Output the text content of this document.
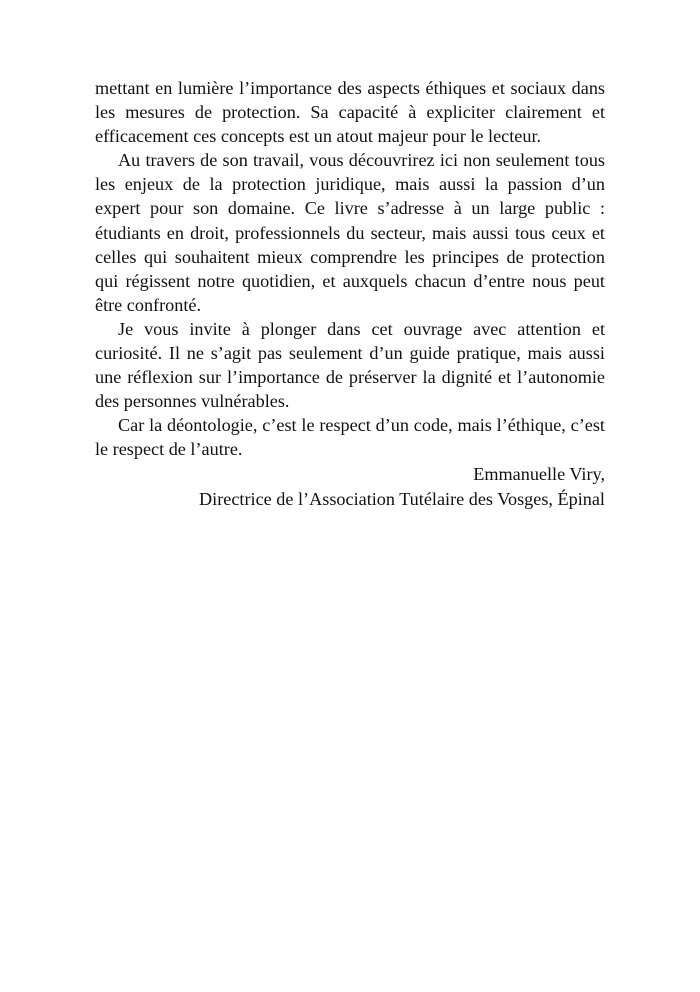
mettant en lumière l’importance des aspects éthiques et sociaux dans les mesures de protection. Sa capacité à expliciter clairement et efficacement ces concepts est un atout majeur pour le lecteur.

Au travers de son travail, vous découvrirez ici non seulement tous les enjeux de la protection juridique, mais aussi la passion d’un expert pour son domaine. Ce livre s’adresse à un large public : étudiants en droit, professionnels du secteur, mais aussi tous ceux et celles qui souhaitent mieux comprendre les principes de protection qui régissent notre quotidien, et auxquels chacun d’entre nous peut être confronté.

Je vous invite à plonger dans cet ouvrage avec attention et curiosité. Il ne s’agit pas seulement d’un guide pratique, mais aussi une réflexion sur l’importance de préserver la dignité et l’autonomie des personnes vulnérables.

Car la déontologie, c’est le respect d’un code, mais l’éthique, c’est le respect de l’autre.

Emmanuelle Viry,
Directrice de l’Association Tutélaire des Vosges, Épinal
